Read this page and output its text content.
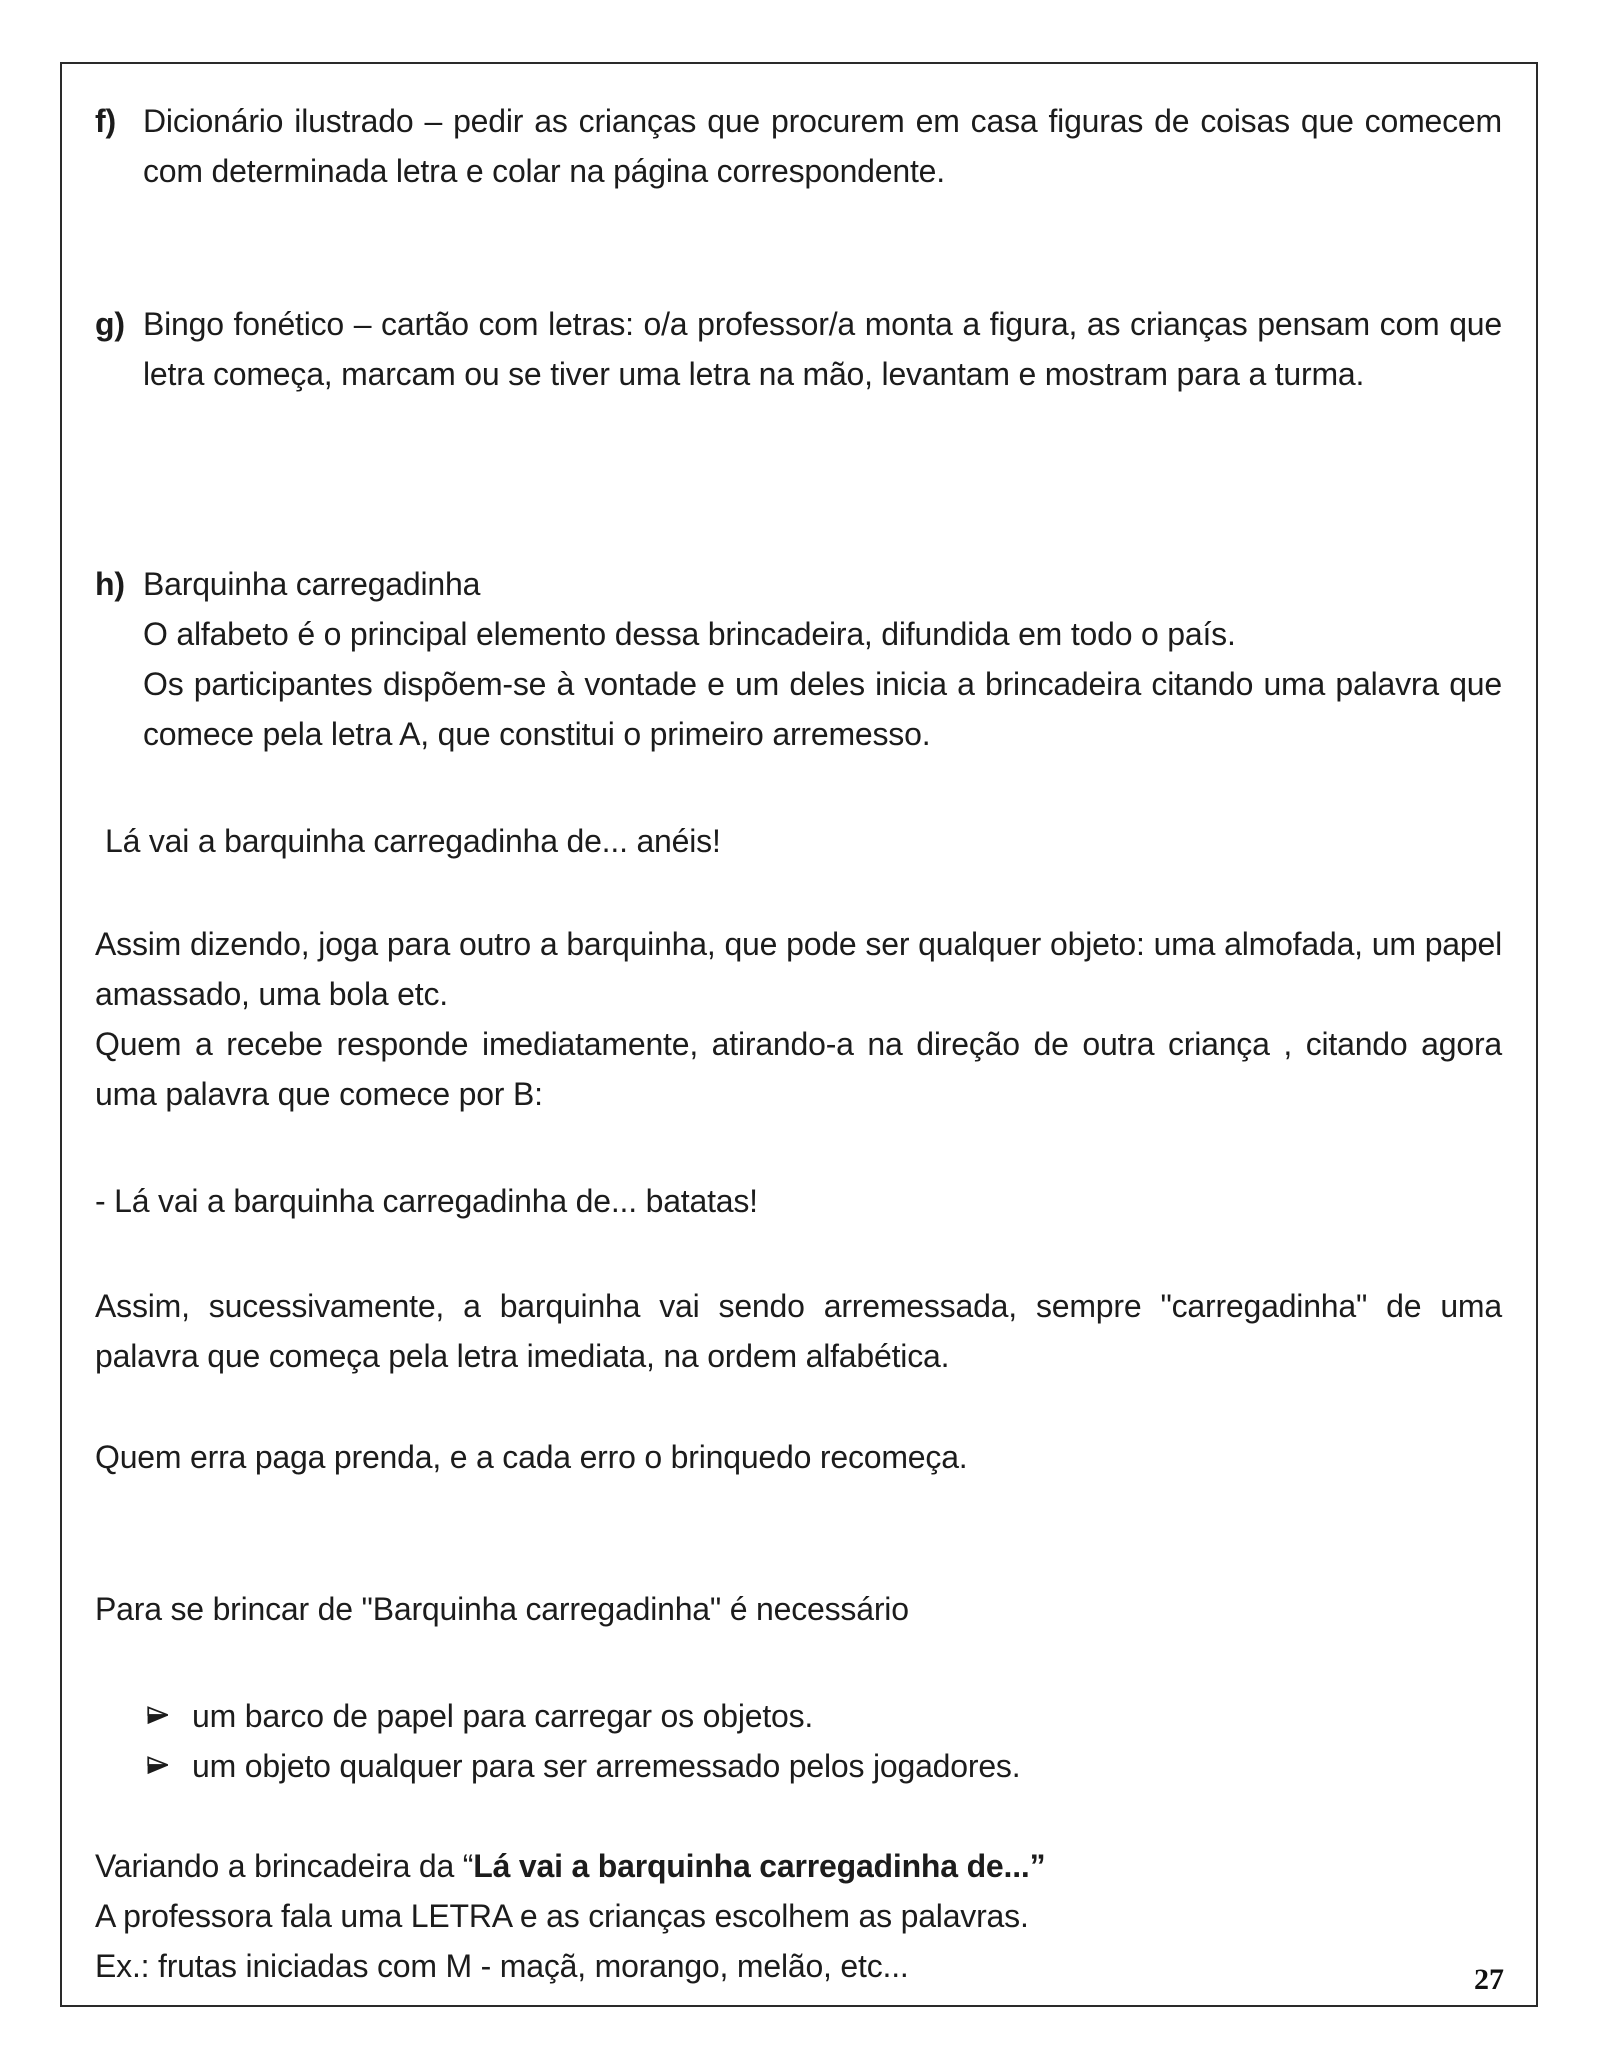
f) Dicionário ilustrado – pedir as crianças que procurem em casa figuras de coisas que comecem com determinada letra e colar na página correspondente.

g) Bingo fonético – cartão com letras: o/a professor/a monta a figura, as crianças pensam com que letra começa, marcam ou se tiver uma letra na mão, levantam e mostram para a turma.

h) Barquinha carregadinha
O alfabeto é o principal elemento dessa brincadeira, difundida em todo o país.

Os participantes dispõem-se à vontade e um deles inicia a brincadeira citando uma palavra que comece pela letra A, que constitui o primeiro arremesso.

Lá vai a barquinha carregadinha de... anéis!

Assim dizendo, joga para outro a barquinha, que pode ser qualquer objeto: uma almofada, um papel amassado, uma bola etc.

Quem a recebe responde imediatamente, atirando-a na direção de outra criança , citando agora uma palavra que comece por B:

- Lá vai a barquinha carregadinha de... batatas!

Assim, sucessivamente, a barquinha vai sendo arremessada, sempre "carregadinha" de uma palavra que começa pela letra imediata, na ordem alfabética.

Quem erra paga prenda, e a cada erro o brinquedo recomeça.

Para se brincar de "Barquinha carregadinha" é necessário

um barco de papel para carregar os objetos.
um objeto qualquer para ser arremessado pelos jogadores.
Variando a brincadeira da “Lá vai a barquinha carregadinha de...”
A professora fala uma LETRA e as crianças escolhem as palavras.
Ex.: frutas iniciadas com M - maçã, morango, melão, etc...	27
